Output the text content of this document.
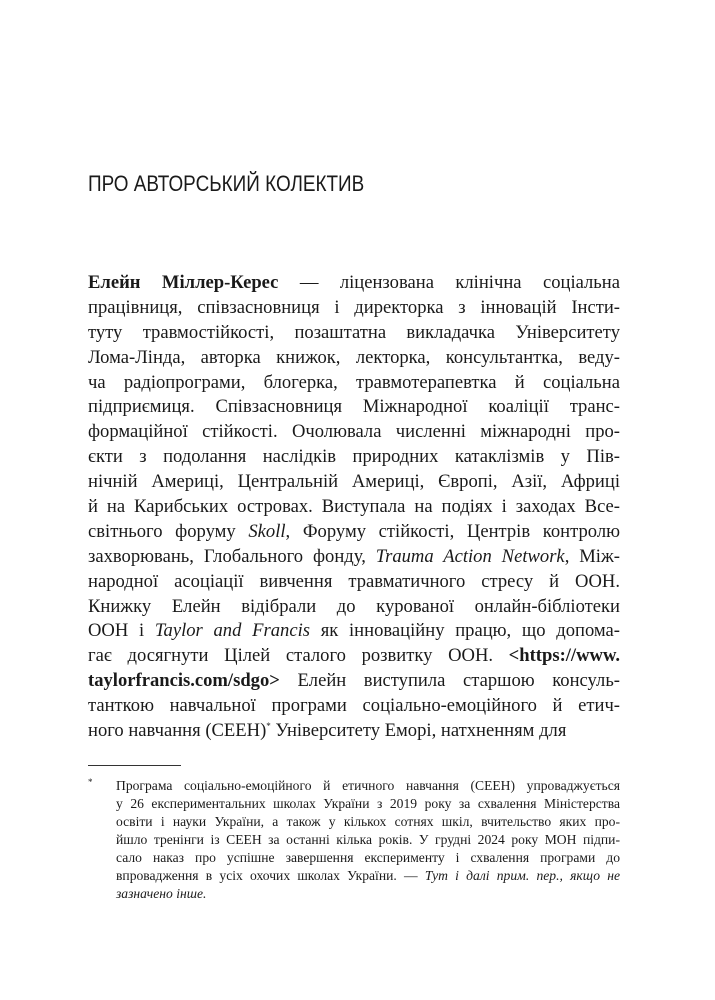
ПРО АВТОРСЬКИЙ КОЛЕКТИВ
Елейн Міллер-Керес — ліцензована клінічна соціальна
працівниця, співзасновниця і директорка з інновацій Інсти-
туту травмостійкості, позаштатна викладачка Університету
Лома-Лінда, авторка книжок, лекторка, консультантка, веду-
ча радіопрограми, блогерка, травмотерапевтка й соціальна
підприємиця. Співзасновниця Міжнародної коаліції транс-
формаційної стійкості. Очолювала численні міжнародні про-
єкти з подолання наслідків природних катаклізмів у Пів-
нічній Америці, Центральній Америці, Європі, Азії, Африці
й на Карибських островах. Виступала на подіях і заходах Все-
світнього форуму Skoll, Форуму стійкості, Центрів контролю
захворювань, Глобального фонду, Trauma Action Network, Між-
народної асоціації вивчення травматичного стресу й ООН.
Книжку Елейн відібрали до курованої онлайн-бібліотеки
ООН і Taylor and Francis як інноваційну працю, що допома-
гає досягнути Цілей сталого розвитку ООН. <https://www.
taylorfrancis.com/sdgo> Елейн виступила старшою консуль-
танткою навчальної програми соціально-емоційного й етич-
ного навчання (СЕЕН)* Університету Еморі, натхненням для
* Програма соціально-емоційного й етичного навчання (СЕЕН) упроваджується
у 26 експериментальних школах України з 2019 року за схвалення Міністерства
освіти і науки України, а також у кількох сотнях шкіл, вчительство яких про-
йшло тренінги із СЕЕН за останні кілька років. У грудні 2024 року МОН підпи-
сало наказ про успішне завершення експерименту і схвалення програми до
впровадження в усіх охочих школах України. — Тут і далі прим. пер., якщо не
зазначено інше.
